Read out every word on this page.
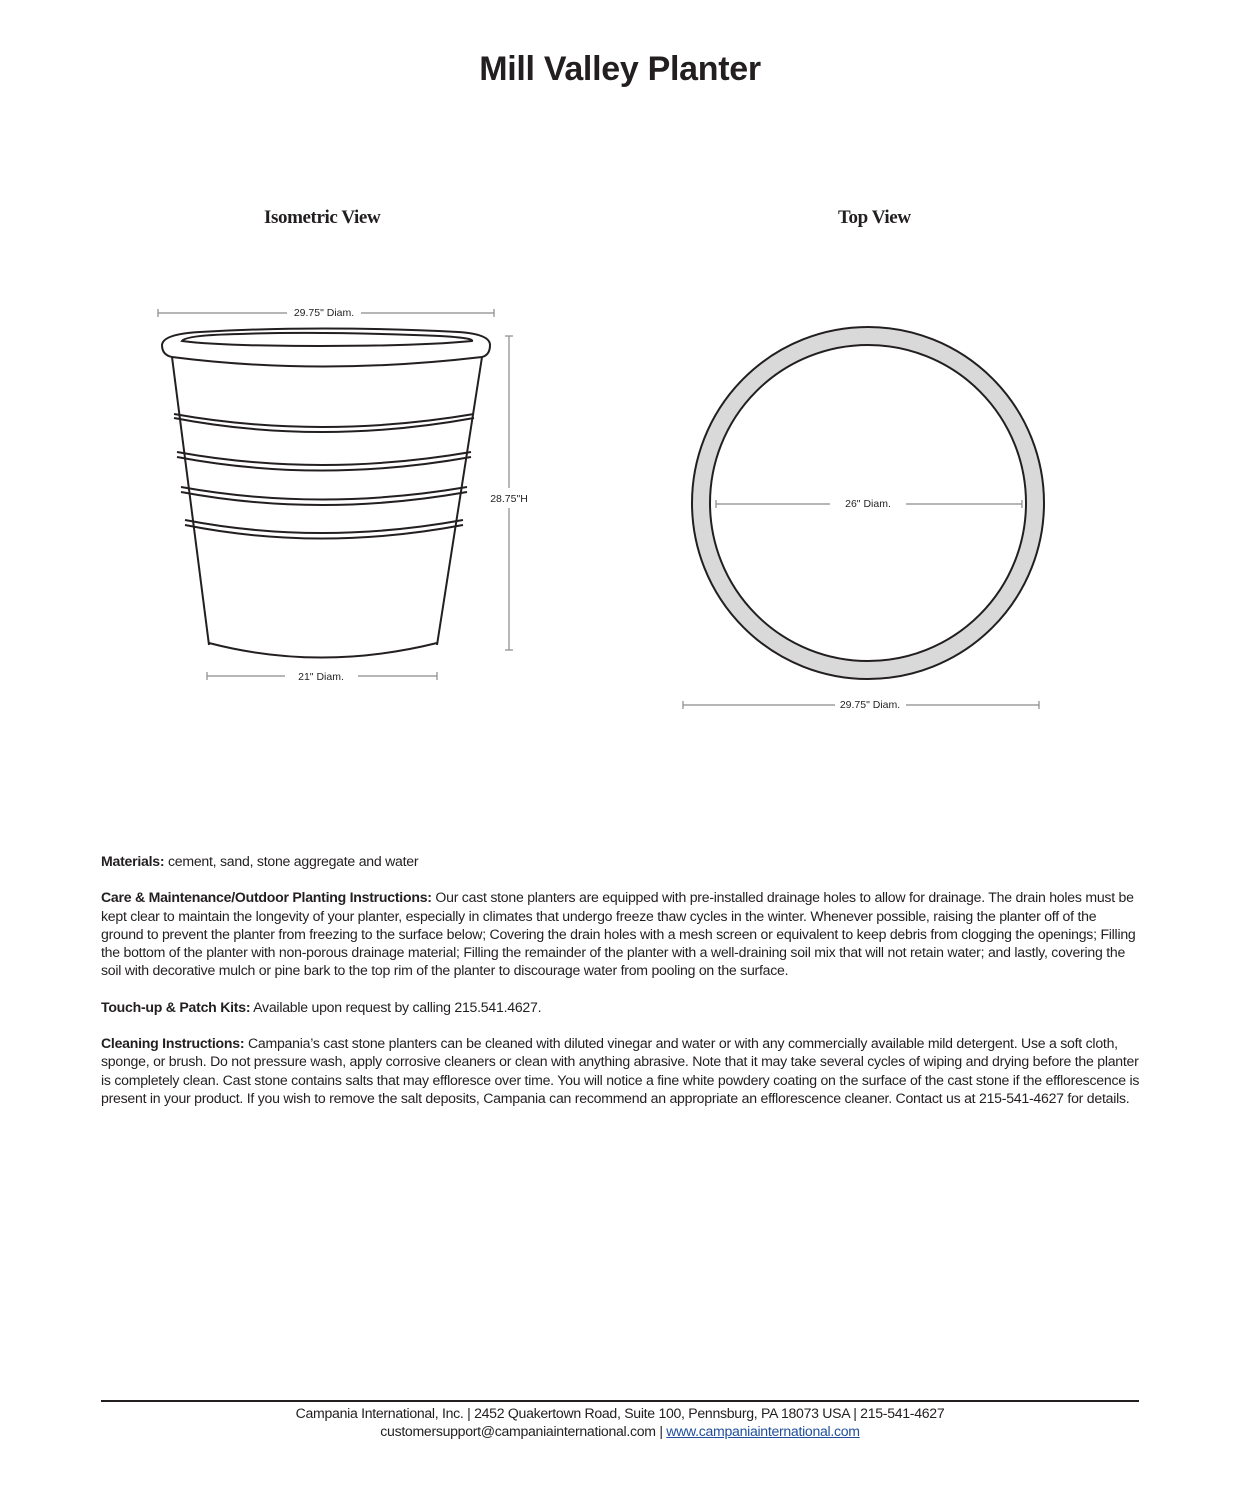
Mill Valley Planter
Isometric View	Top View
29.75" Diam.
28.75"H
21" Diam.
26" Diam.
29.75" Diam.

Materials: cement, sand, stone aggregate and water

Care & Maintenance/Outdoor Planting Instructions: Our cast stone planters are equipped with pre-installed drainage holes to allow for drainage. The drain holes must be kept clear to maintain the longevity of your planter, especially in climates that undergo freeze thaw cycles in the winter. Whenever possible, raising the planter off of the ground to prevent the planter from freezing to the surface below; Covering the drain holes with a mesh screen or equivalent to keep debris from clogging the openings; Filling the bottom of the planter with non-porous drainage material; Filling the remainder of the planter with a well-draining soil mix that will not retain water; and lastly, covering the soil with decorative mulch or pine bark to the top rim of the planter to discourage water from pooling on the surface.

Touch-up & Patch Kits: Available upon request by calling 215.541.4627.

Cleaning Instructions: Campania’s cast stone planters can be cleaned with diluted vinegar and water or with any commercially available mild detergent. Use a soft cloth, sponge, or brush. Do not pressure wash, apply corrosive cleaners or clean with anything abrasive. Note that it may take several cycles of wiping and drying before the planter is completely clean. Cast stone contains salts that may effloresce over time. You will notice a fine white powdery coating on the surface of the cast stone if the efflorescence is present in your product. If you wish to remove the salt deposits, Campania can recommend an appropriate an efflorescence cleaner. Contact us at 215-541-4627 for details.

Campania International, Inc. | 2452 Quakertown Road, Suite 100, Pennsburg, PA 18073 USA | 215-541-4627
customersupport@campaniainternational.com | www.campaniainternational.com
